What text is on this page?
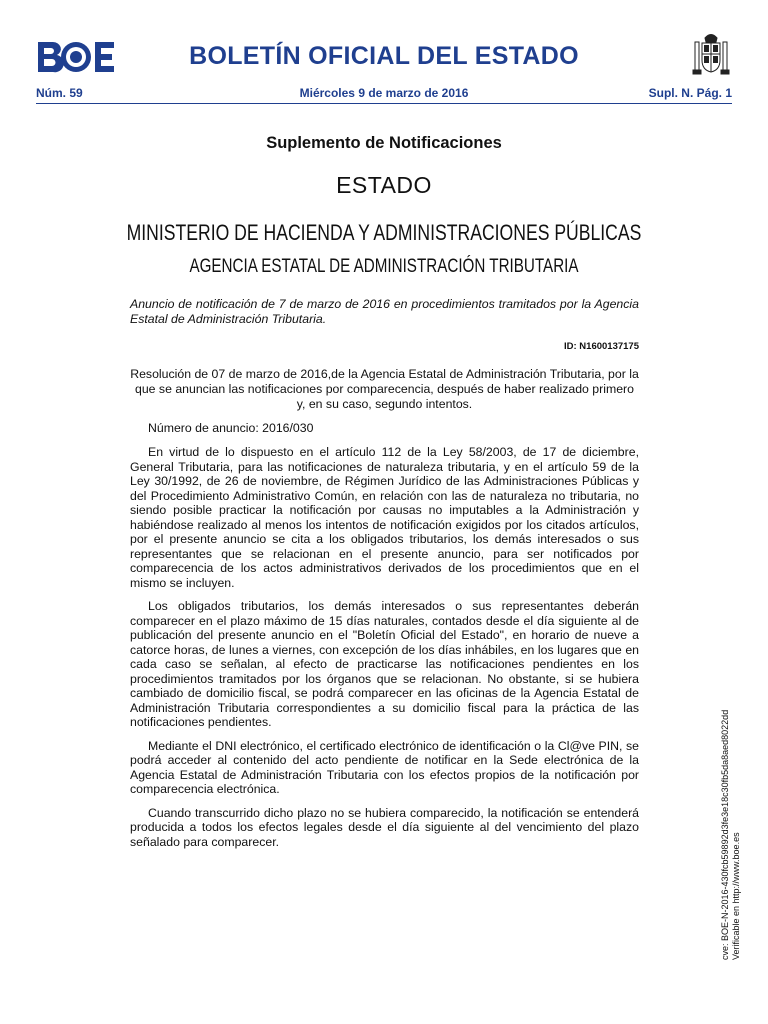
BOLETÍN OFICIAL DEL ESTADO
Núm. 59	Miércoles 9 de marzo de 2016	Supl. N. Pág. 1
Suplemento de Notificaciones
ESTADO
MINISTERIO DE HACIENDA Y ADMINISTRACIONES PÚBLICAS
AGENCIA ESTATAL DE ADMINISTRACIÓN TRIBUTARIA
Anuncio de notificación de 7 de marzo de 2016 en procedimientos tramitados por la Agencia Estatal de Administración Tributaria.
ID: N1600137175
Resolución de 07 de marzo de 2016,de la Agencia Estatal de Administración Tributaria, por la que se anuncian las notificaciones por comparecencia, después de haber realizado primero y, en su caso, segundo intentos.
Número de anuncio: 2016/030

En virtud de lo dispuesto en el artículo 112 de la Ley 58/2003, de 17 de diciembre, General Tributaria, para las notificaciones de naturaleza tributaria, y en el artículo 59 de la Ley 30/1992, de 26 de noviembre, de Régimen Jurídico de las Administraciones Públicas y del Procedimiento Administrativo Común, en relación con las de naturaleza no tributaria, no siendo posible practicar la notificación por causas no imputables a la Administración y habiéndose realizado al menos los intentos de notificación exigidos por los citados artículos, por el presente anuncio se cita a los obligados tributarios, los demás interesados o sus representantes que se relacionan en el presente anuncio, para ser notificados por comparecencia de los actos administrativos derivados de los procedimientos que en el mismo se incluyen.

Los obligados tributarios, los demás interesados o sus representantes deberán comparecer en el plazo máximo de 15 días naturales, contados desde el día siguiente al de publicación del presente anuncio en el "Boletín Oficial del Estado", en horario de nueve a catorce horas, de lunes a viernes, con excepción de los días inhábiles, en los lugares que en cada caso se señalan, al efecto de practicarse las notificaciones pendientes en los procedimientos tramitados por los órganos que se relacionan. No obstante, si se hubiera cambiado de domicilio fiscal, se podrá comparecer en las oficinas de la Agencia Estatal de Administración Tributaria correspondientes a su domicilio fiscal para la práctica de las notificaciones pendientes.

Mediante el DNI electrónico, el certificado electrónico de identificación o la Cl@ve PIN, se podrá acceder al contenido del acto pendiente de notificar en la Sede electrónica de la Agencia Estatal de Administración Tributaria con los efectos propios de la notificación por comparecencia electrónica.

Cuando transcurrido dicho plazo no se hubiera comparecido, la notificación se entenderá producida a todos los efectos legales desde el día siguiente al del vencimiento del plazo señalado para comparecer.	cve: BOE-N-2016-430fcb59892d3fe3e18c30fb5da8aed8022dd Verificable en http://www.boe.es
